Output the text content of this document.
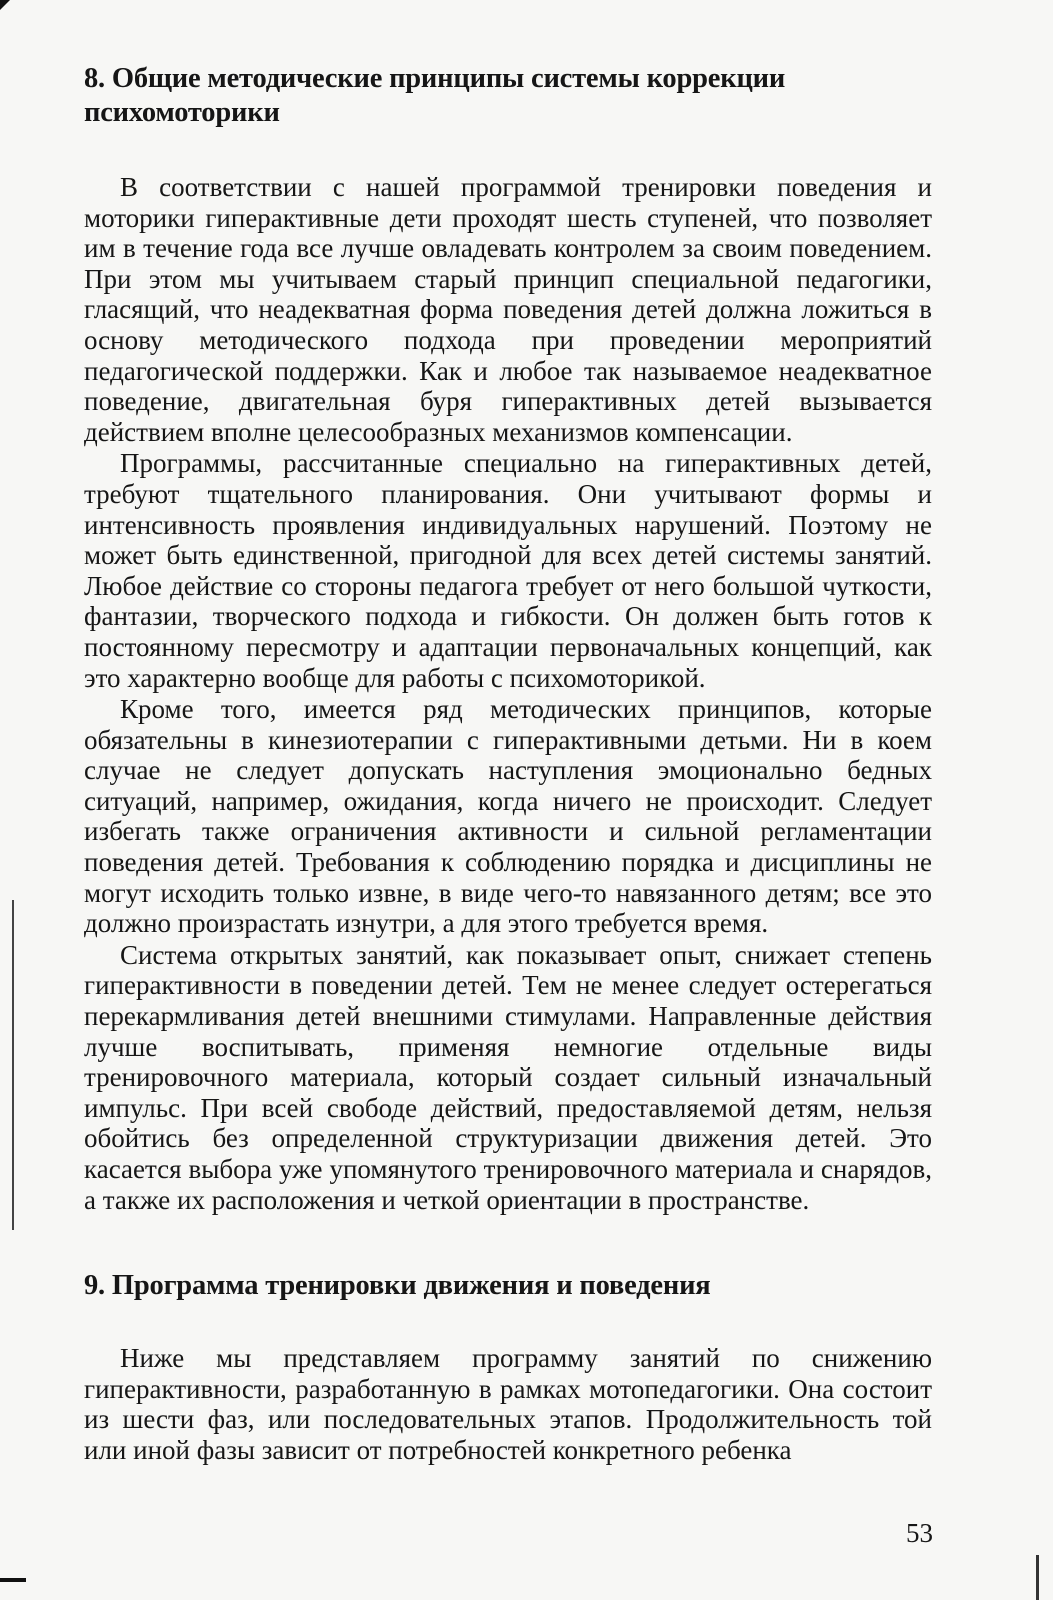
8. Общие методические принципы системы коррекции психомоторики

В соответствии с нашей программой тренировки поведения и моторики гиперактивные дети проходят шесть ступеней, что позволяет им в течение года все лучше овладевать контролем за своим поведением. При этом мы учитываем старый принцип специальной педагогики, гласящий, что неадекватная форма поведения детей должна ложиться в основу методического подхода при проведении мероприятий педагогической поддержки. Как и любое так называемое неадекватное поведение, двигательная буря гиперактивных детей вызывается действием вполне целесообразных механизмов компенсации.

Программы, рассчитанные специально на гиперактивных детей, требуют тщательного планирования. Они учитывают формы и интенсивность проявления индивидуальных нарушений. Поэтому не может быть единственной, пригодной для всех детей системы занятий. Любое действие со стороны педагога требует от него большой чуткости, фантазии, творческого подхода и гибкости. Он должен быть готов к постоянному пересмотру и адаптации первоначальных концепций, как это характерно вообще для работы с психомоторикой.

Кроме того, имеется ряд методических принципов, которые обязательны в кинезиотерапии с гиперактивными детьми. Ни в коем случае не следует допускать наступления эмоционально бедных ситуаций, например, ожидания, когда ничего не происходит. Следует избегать также ограничения активности и сильной регламентации поведения детей. Требования к соблюдению порядка и дисциплины не могут исходить только извне, в виде чего-то навязанного детям; все это должно произрастать изнутри, а для этого требуется время.

Система открытых занятий, как показывает опыт, снижает степень гиперактивности в поведении детей. Тем не менее следует остерегаться перекармливания детей внешними стимулами. Направленные действия лучше воспитывать, применяя немногие отдельные виды тренировочного материала, который создает сильный изначальный импульс. При всей свободе действий, предоставляемой детям, нельзя обойтись без определенной структуризации движения детей. Это касается выбора уже упомянутого тренировочного материала и снарядов, а также их расположения и четкой ориентации в пространстве.

9. Программа тренировки движения и поведения

Ниже мы представляем программу занятий по снижению гиперактивности, разработанную в рамках мотопедагогики. Она состоит из шести фаз, или последовательных этапов. Продолжительность той или иной фазы зависит от потребностей конкретного ребенка

53
